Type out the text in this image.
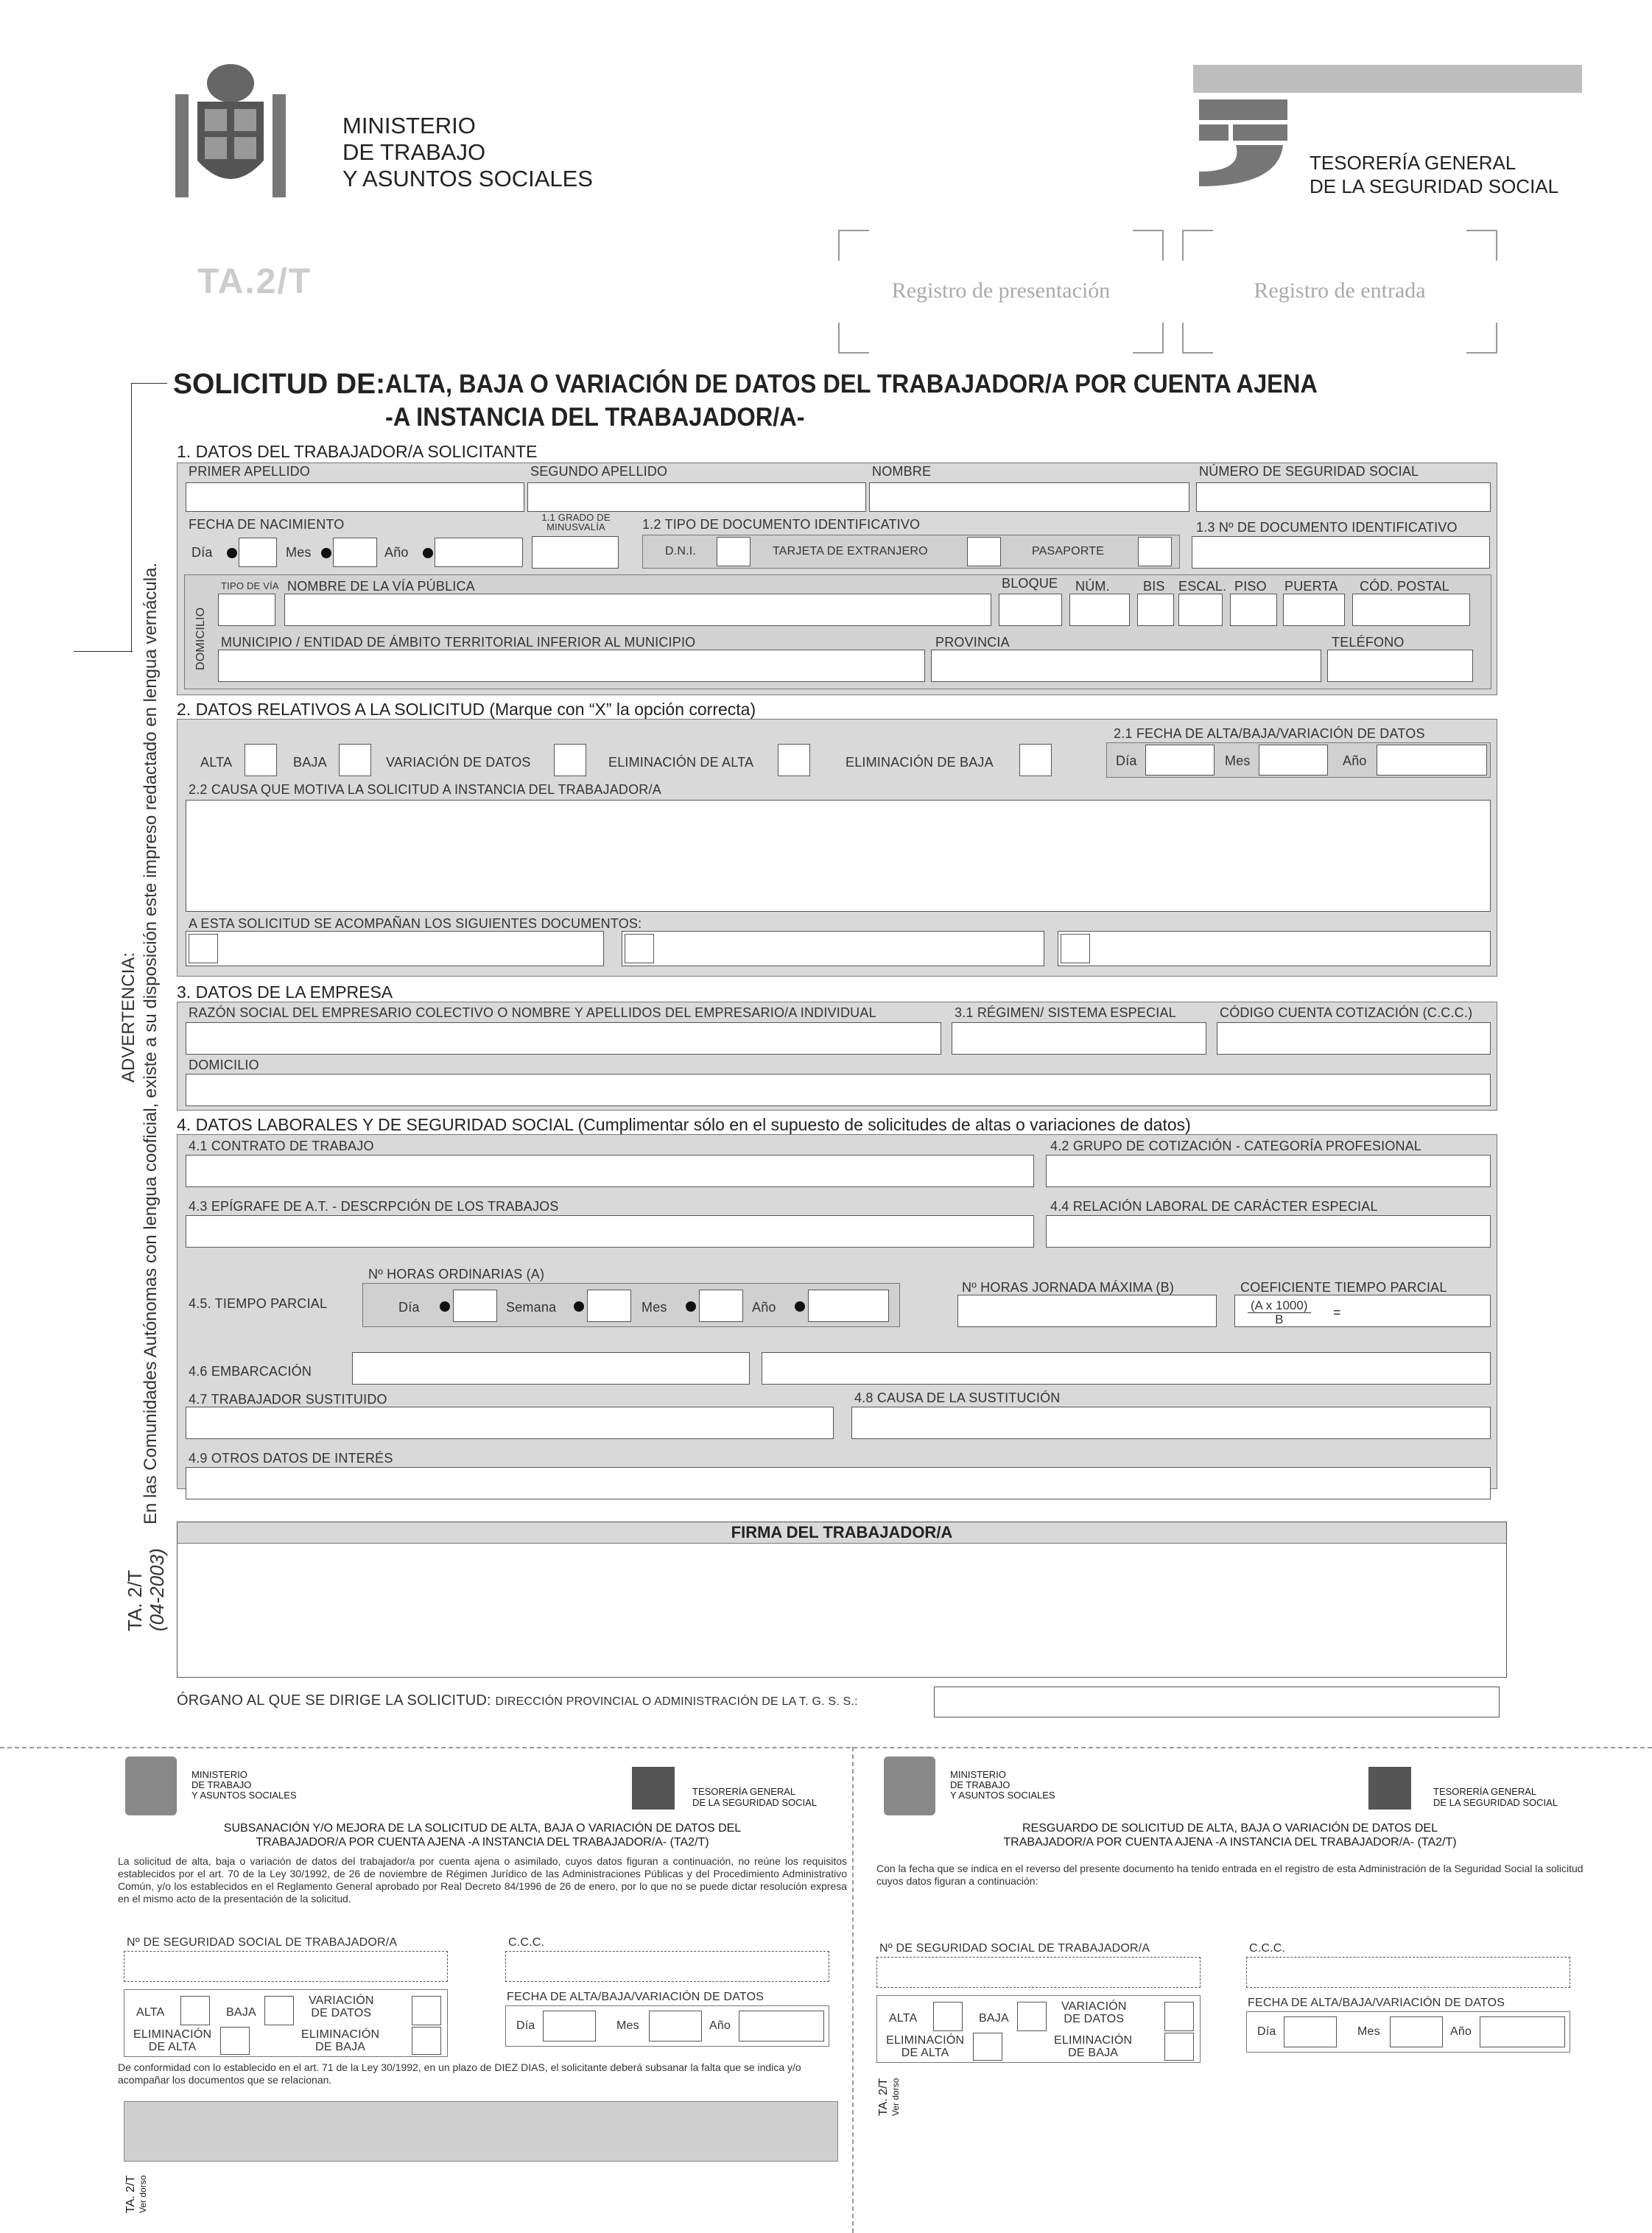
MINISTERIO
DE TRABAJO
Y ASUNTOS SOCIALES
TESORERÍA GENERAL
DE LA SEGURIDAD SOCIAL
TA.2/T	Registro de presentación	Registro de entrada
SOLICITUD DE: ALTA, BAJA O VARIACIÓN DE DATOS DEL TRABAJADOR/A POR CUENTA AJENA
-A INSTANCIA DEL TRABAJADOR/A-
ADVERTENCIA: En las Comunidades Autónomas con lengua cooficial, existe a su disposición este impreso redactado en lengua vernácula.
TA. 2/T (04-2003)
1. DATOS DEL TRABAJADOR/A SOLICITANTE
PRIMER APELLIDO	SEGUNDO APELLIDO	NOMBRE	NÚMERO DE SEGURIDAD SOCIAL
FECHA DE NACIMIENTO
Día	Mes	Año
1.1 GRADO DE MINUSVALÍA	1.2 TIPO DE DOCUMENTO IDENTIFICATIVO
D.N.I.	TARJETA DE EXTRANJERO	PASAPORTE
1.3 Nº DE DOCUMENTO IDENTIFICATIVO
DOMICILIO
TIPO DE VÍA NOMBRE DE LA VÍA PÚBLICA	BLOQUE NÚM.	BIS ESCAL. PISO PUERTA CÓD. POSTAL
MUNICIPIO / ENTIDAD DE ÁMBITO TERRITORIAL INFERIOR AL MUNICIPIO	PROVINCIA	TELÉFONO
2. DATOS RELATIVOS A LA SOLICITUD (Marque con “X” la opción correcta)
ALTA	BAJA	VARIACIÓN DE DATOS	ELIMINACIÓN DE ALTA	ELIMINACIÓN DE BAJA
2.1 FECHA DE ALTA/BAJA/VARIACIÓN DE DATOS
Día	Mes	Año
2.2 CAUSA QUE MOTIVA LA SOLICITUD A INSTANCIA DEL TRABAJADOR/A
A ESTA SOLICITUD SE ACOMPAÑAN LOS SIGUIENTES DOCUMENTOS:
3. DATOS DE LA EMPRESA
RAZÓN SOCIAL DEL EMPRESARIO COLECTIVO O NOMBRE Y APELLIDOS DEL EMPRESARIO/A INDIVIDUAL	3.1 RÉGIMEN/ SISTEMA ESPECIAL	CÓDIGO CUENTA COTIZACIÓN (C.C.C.)
DOMICILIO
4. DATOS LABORALES Y DE SEGURIDAD SOCIAL (Cumplimentar sólo en el supuesto de solicitudes de altas o variaciones de datos)
4.1 CONTRATO DE TRABAJO	4.2 GRUPO DE COTIZACIÓN - CATEGORÍA PROFESIONAL
4.3 EPÍGRAFE DE A.T. - DESCRPCIÓN DE LOS TRABAJOS	4.4 RELACIÓN LABORAL DE CARÁCTER ESPECIAL
4.5. TIEMPO PARCIAL
Nº HORAS ORDINARIAS (A)
Día	Semana	Mes	Año
Nº HORAS JORNADA MÁXIMA (B)	COEFICIENTE TIEMPO PARCIAL
$\frac{\text{(A x 1000)}}{B}$ =
4.6 EMBARCACIÓN
4.7 TRABAJADOR SUSTITUIDO	4.8 CAUSA DE LA SUSTITUCIÓN
4.9 OTROS DATOS DE INTERÉS
FIRMA DEL TRABAJADOR/A
ÓRGANO AL QUE SE DIRIGE LA SOLICITUD: DIRECCIÓN PROVINCIAL O ADMINISTRACIÓN DE LA T. G. S. S.:
MINISTERIO
DE TRABAJO
Y ASUNTOS SOCIALES	TESORERÍA GENERAL
DE LA SEGURIDAD SOCIAL
SUBSANACIÓN Y/O MEJORA DE LA SOLICITUD DE ALTA, BAJA O VARIACIÓN DE DATOS DEL
TRABAJADOR/A POR CUENTA AJENA -A INSTANCIA DEL TRABAJADOR/A- (TA2/T)
La solicitud de alta, baja o variación de datos del trabajador/a por cuenta ajena o asimilado, cuyos datos figuran a continuación, no reúne los requisitos establecidos por el art. 70 de la Ley 30/1992, de 26 de noviembre de Régimen Jurídico de las Administraciones Públicas y del Procedimiento Administrativo Común, y/o los establecidos en el Reglamento General aprobado por Real Decreto 84/1996 de 26 de enero, por lo que no se puede dictar resolución expresa en el mismo acto de la presentación de la solicitud.
Nº DE SEGURIDAD SOCIAL DE TRABAJADOR/A	C.C.C.
ALTA	BAJA
VARIACIÓN
DE DATOS
ELIMINACIÓN
DE ALTA
ELIMINACIÓN
DE BAJA
FECHA DE ALTA/BAJA/VARIACIÓN DE DATOS
Día	Mes	Año
De conformidad con lo establecido en el art. 71 de la Ley 30/1992, en un plazo de DIEZ DIAS, el solicitante deberá subsanar la falta que se indica y/o acompañar los documentos que se relacionan.
TA. 2/T Ver dorso
MINISTERIO
DE TRABAJO
Y ASUNTOS SOCIALES	TESORERÍA GENERAL
DE LA SEGURIDAD SOCIAL
RESGUARDO DE SOLICITUD DE ALTA, BAJA O VARIACIÓN DE DATOS DEL
TRABAJADOR/A POR CUENTA AJENA -A INSTANCIA DEL TRABAJADOR/A- (TA2/T)
Con la fecha que se indica en el reverso del presente documento ha tenido entrada en el registro de esta Administración de la Seguridad Social la solicitud cuyos datos figuran a continuación:
Nº DE SEGURIDAD SOCIAL DE TRABAJADOR/A	C.C.C.
ALTA	BAJA
VARIACIÓN
DE DATOS
ELIMINACIÓN
DE ALTA
ELIMINACIÓN
DE BAJA
FECHA DE ALTA/BAJA/VARIACIÓN DE DATOS
Día	Mes	Año
TA. 2/T Ver dorso
